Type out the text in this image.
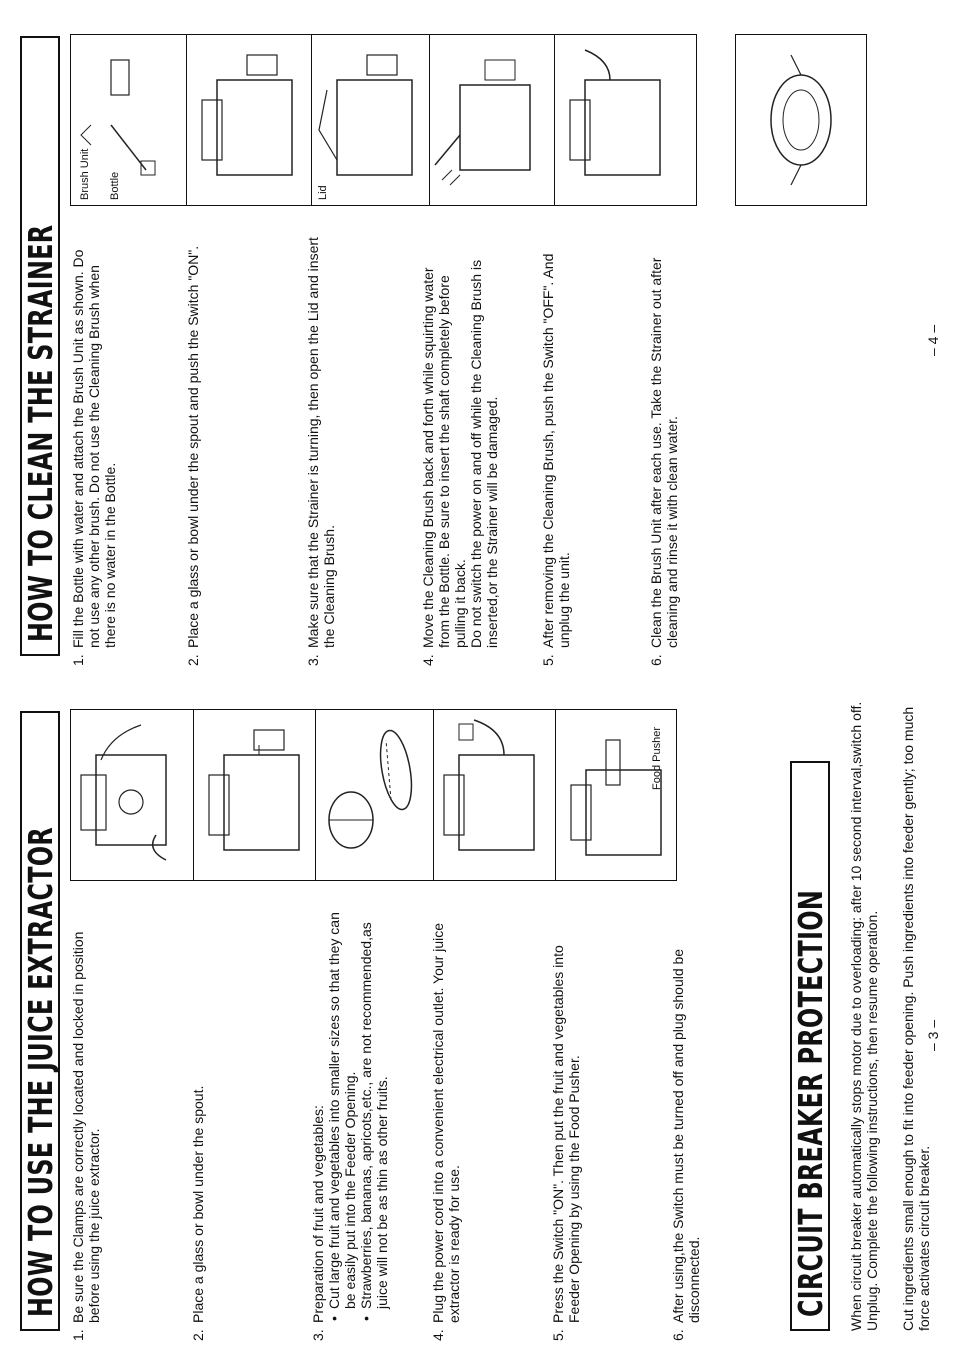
HOW TO USE THE JUICE EXTRACTOR
1.
Be sure the Clamps are correctly located and locked in position before using the juice extractor.
2.
Place a glass or bowl under the spout.
3.
Preparation of fruit and vegetables: • Cut large fruit and vegetables into smaller sizes so that they can be easily put into the Feeder Opening. • Strawberries, bananas, apricots,etc., are not recommended,as juice will not be as thin as other fruits.
4.
Plug the power cord into a convenient electrical outlet. Your juice extractor is ready for use.
5.
Press the Switch "ON". Then put the fruit and vegetables into Feeder Opening by using the Food Pusher.
6.
After using,the Switch must be turned off and plug should be disconnected.
Food Pusher
CIRCUIT BREAKER PROTECTION When circuit breaker automatically stops motor due to overloading: after 10 second interval,switch off. Unplug. Complete the following instructions, then resume operation. Cut ingredients small enough to fit into feeder opening. Push ingredients into feeder gently; too much force activates circuit breaker.
HOW TO CLEAN THE STRAINER
1.
Fill the Bottle with water and attach the Brush Unit as shown. Do not use any other brush. Do not use the Cleaning Brush when there is no water in the Bottle.
2.
Place a glass or bowl under the spout and push the Switch "ON".
3.
Make sure that the Strainer is turning, then open the Lid and insert the Cleaning Brush.
4.
Move the Cleaning Brush back and forth while squirting water from the Bottle. Be sure to insert the shaft completely before pulling it back. Do not switch the power on and off while the Cleaning Brush is inserted,or the Strainer will be damaged.
5.
After removing the Cleaning Brush, push the Switch "OFF". And unplug the unit.
6.
Clean the Brush Unit after each use. Take the Strainer out after cleaning and rinse it with clean water.
Brush Unit Bottle	Lid
– 3 –
– 4 –
